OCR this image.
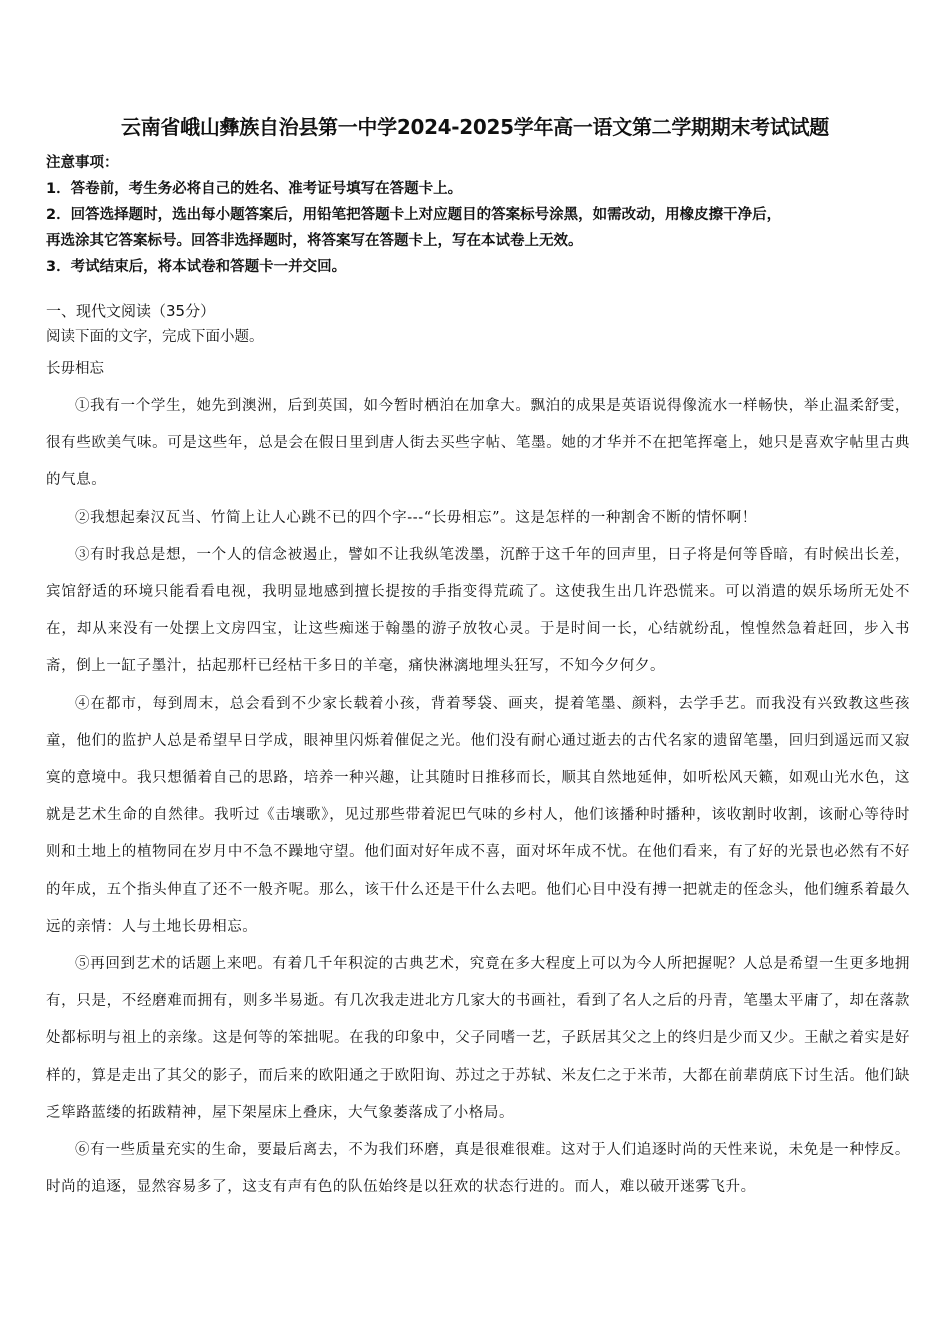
云南省峨山彝族自治县第一中学2024-2025学年高一语文第二学期期末考试试题
注意事项：
1．答卷前，考生务必将自己的姓名、准考证号填写在答题卡上。
2．回答选择题时，选出每小题答案后，用铅笔把答题卡上对应题目的答案标号涂黑，如需改动，用橡皮擦干净后，
再选涂其它答案标号。回答非选择题时，将答案写在答题卡上，写在本试卷上无效。
3．考试结束后，将本试卷和答题卡一并交回。
一、现代文阅读（35分）
阅读下面的文字，完成下面小题。
长毋相忘

①我有一个学生，她先到澳洲，后到英国，如今暂时栖泊在加拿大。飘泊的成果是英语说得像流水一样畅快，举止温柔舒雯，很有些欧美气味。可是这些年，总是会在假日里到唐人街去买些字帖、笔墨。她的才华并不在把笔挥毫上，她只是喜欢字帖里古典的气息。

②我想起秦汉瓦当、竹简上让人心跳不已的四个字---“长毋相忘”。这是怎样的一种割舍不断的情怀啊！

③有时我总是想，一个人的信念被遏止，譬如不让我纵笔泼墨，沉醉于这千年的回声里，日子将是何等昏暗，有时候出长差，宾馆舒适的环境只能看看电视，我明显地感到擅长提按的手指变得荒疏了。这使我生出几许恐慌来。可以消遣的娱乐场所无处不在，却从来没有一处摆上文房四宝，让这些痴迷于翰墨的游子放牧心灵。于是时间一长，心结就纷乱，惶惶然急着赶回，步入书斋，倒上一缸子墨汁，拈起那杆已经枯干多日的羊毫，痛快淋漓地埋头狂写，不知今夕何夕。

④在都市，每到周末，总会看到不少家长载着小孩，背着琴袋、画夹，提着笔墨、颜料，去学手艺。而我没有兴致教这些孩童，他们的监护人总是希望早日学成，眼神里闪烁着催促之光。他们没有耐心通过逝去的古代名家的遗留笔墨，回归到遥远而又寂寞的意境中。我只想循着自己的思路，培养一种兴趣，让其随时日推移而长，顺其自然地延伸，如听松风天籁，如观山光水色，这就是艺术生命的自然律。我听过《击壤歌》，见过那些带着泥巴气味的乡村人，他们该播种时播种，该收割时收割，该耐心等待时则和土地上的植物同在岁月中不急不躁地守望。他们面对好年成不喜，面对坏年成不忧。在他们看来，有了好的光景也必然有不好的年成，五个指头伸直了还不一般齐呢。那么，该干什么还是干什么去吧。他们心目中没有搏一把就走的侄念头，他们缠系着最久远的亲情：人与土地长毋相忘。

⑤再回到艺术的话题上来吧。有着几千年积淀的古典艺术，究竟在多大程度上可以为今人所把握呢？人总是希望一生更多地拥有，只是，不经磨难而拥有，则多半易逝。有几次我走进北方几家大的书画社，看到了名人之后的丹青，笔墨太平庸了，却在落款处都标明与祖上的亲缘。这是何等的笨拙呢。在我的印象中，父子同嗜一艺，子跃居其父之上的终归是少而又少。王献之着实是好样的，算是走出了其父的影子，而后来的欧阳通之于欧阳询、苏过之于苏轼、米友仁之于米芾，大都在前辈荫底下讨生活。他们缺乏筚路蓝缕的拓跋精神，屋下架屋床上叠床，大气象萎落成了小格局。

⑥有一些质量充实的生命，要最后离去，不为我们环磨，真是很难很难。这对于人们追逐时尚的天性来说，未免是一种悖反。时尚的追逐，显然容易多了，这支有声有色的队伍始终是以狂欢的状态行进的。而人，难以破开迷雾飞升。
